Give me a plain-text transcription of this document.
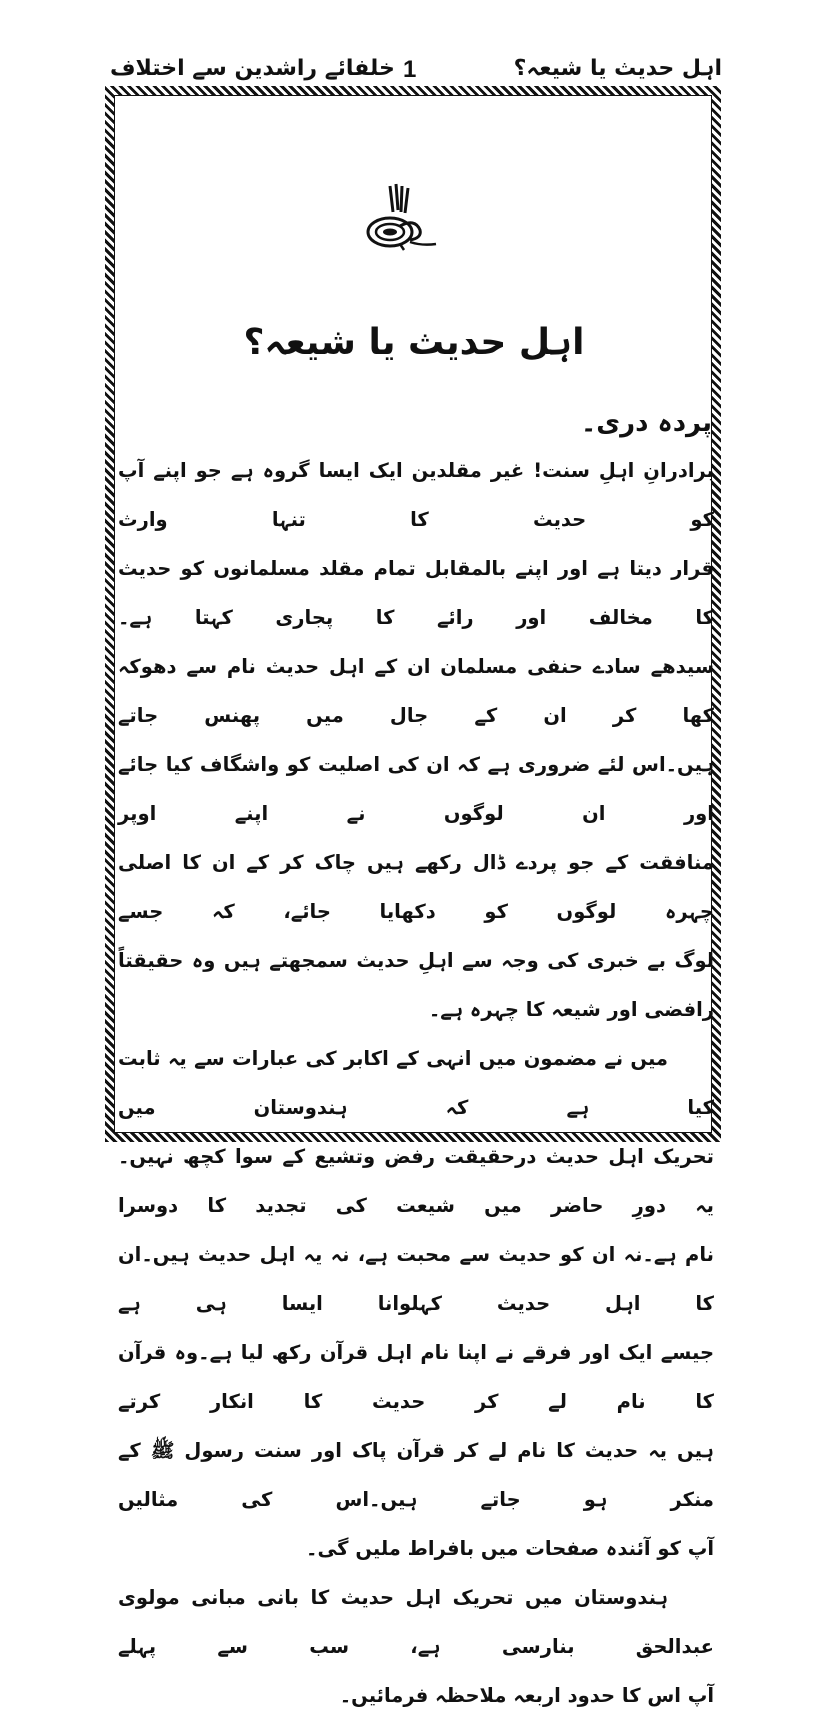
خلفائے راشدین سے اختلاف 1	اہل حدیث یا شیعہ؟
اہل حدیث یا شیعہ؟
پردہ دری۔

برادرانِ اہلِ سنت! غیر مقلدین ایک ایسا گروہ ہے جو اپنے آپ کو حدیث کا تنہا وارث

قرار دیتا ہے اور اپنے بالمقابل تمام مقلد مسلمانوں کو حدیث کا مخالف اور رائے کا پجاری کہتا ہے۔

سیدھے سادے حنفی مسلمان ان کے اہل حدیث نام سے دھوکہ کھا کر ان کے جال میں پھنس جاتے

ہیں۔اس لئے ضروری ہے کہ ان کی اصلیت کو واشگاف کیا جائے اور ان لوگوں نے اپنے اوپر

منافقت کے جو پردے ڈال رکھے ہیں چاک کر کے ان کا اصلی چہرہ لوگوں کو دکھایا جائے، کہ جسے

لوگ بے خبری کی وجہ سے اہلِ حدیث سمجھتے ہیں وہ حقیقتاً رافضی اور شیعہ کا چہرہ ہے۔

میں نے مضمون میں انہی کے اکابر کی عبارات سے یہ ثابت کیا ہے کہ ہندوستان میں

تحریک اہل حدیث درحقیقت رفض وتشیع کے سوا کچھ نہیں۔ یہ دورِ حاضر میں شیعت کی تجدید کا دوسرا

نام ہے۔نہ ان کو حدیث سے محبت ہے، نہ یہ اہل حدیث ہیں۔ان کا اہل حدیث کہلوانا ایسا ہی ہے

جیسے ایک اور فرقے نے اپنا نام اہل قرآن رکھ لیا ہے۔وہ قرآن کا نام لے کر حدیث کا انکار کرتے

ہیں یہ حدیث کا نام لے کر قرآن پاک اور سنت رسول ﷺ کے منکر ہو جاتے ہیں۔اس کی مثالیں

آپ کو آئندہ صفحات میں بافراط ملیں گی۔

ہندوستان میں تحریک اہل حدیث کا بانی مبانی مولوی عبدالحق بنارسی ہے، سب سے پہلے

آپ اس کا حدود اربعہ ملاحظہ فرمائیں۔
